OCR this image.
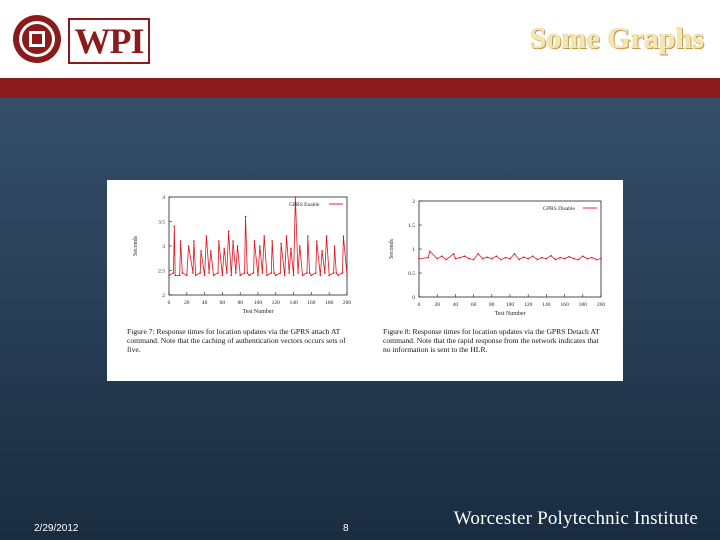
WPI	Some Graphs
2
2.5
3
3.5
4
0 20 40 60 80 100 120 140 160 180 200
Test Number
Seconds
GPRS Enable
0
0.5
1
1.5
2
0	20 40 60 80 100 120 140 160 180 200
Test Number
Seconds
GPRS Disable
Figure 7: Response times for location updates via the GPRS attach AT command. Note that the caching of authentication vectors occurs sets of five.
Figure 8: Response times for location updates via the GPRS Detach AT command. Note that the rapid response from the network indicates that no information is sent to the HLR.
2/29/2012	8	Worcester Polytechnic Institute
